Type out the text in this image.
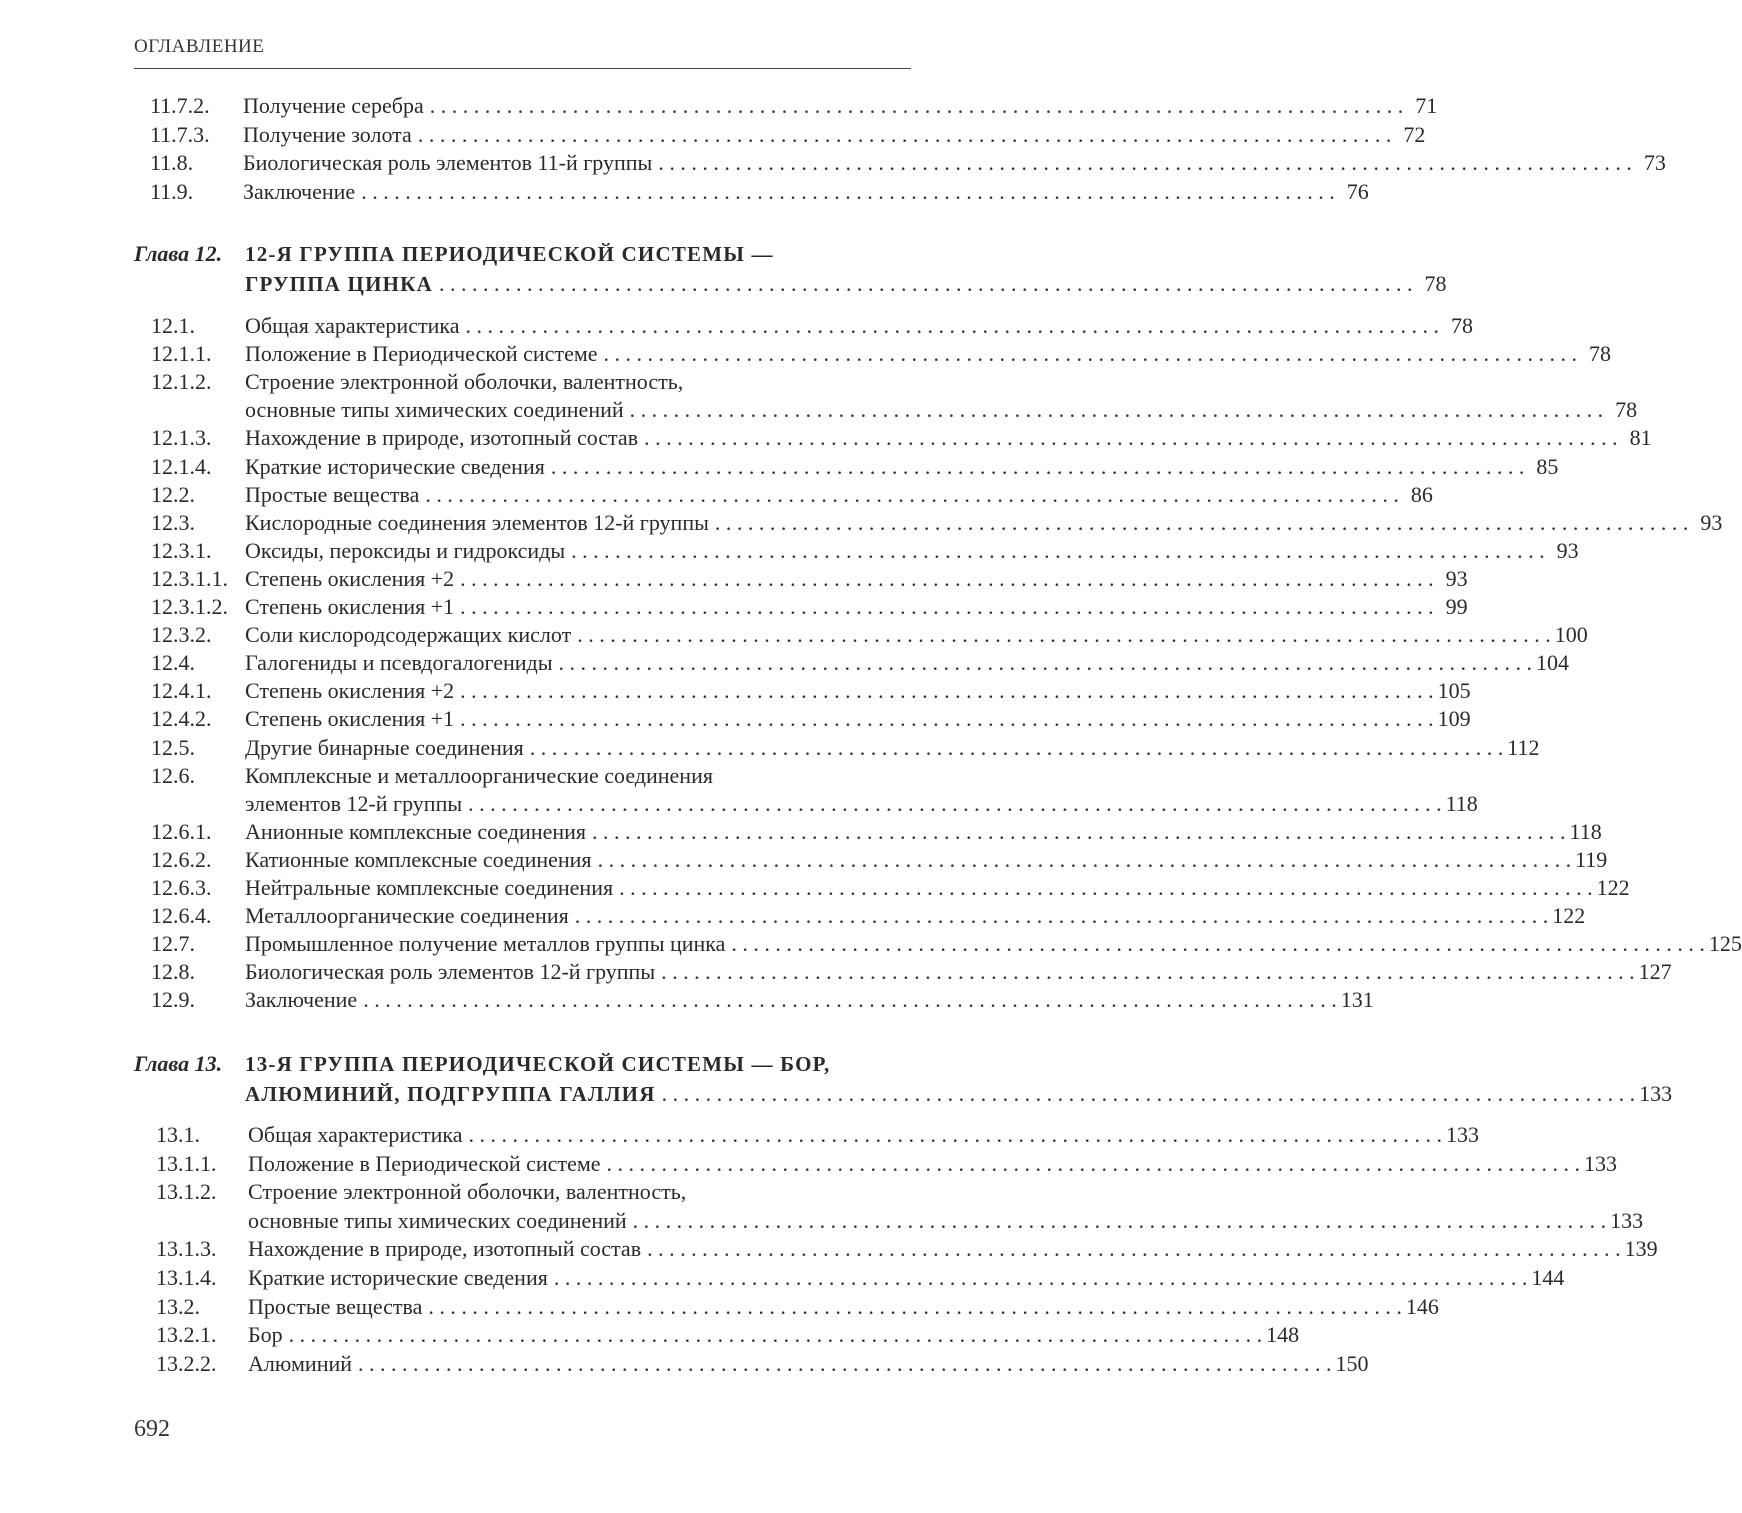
ОГЛАВЛЕНИЕ
11.7.2. Получение серебра . . . . . . . . . . . . . . . . . . . . . . . . . . . . . . . . . . . . . . . . . . . . . . . . . . . . . . . . . . . . . . . . . . . . . . . . . . . . . . . . . . . . . . . . . 71
11.7.3. Получение золота . . . . . . . . . . . . . . . . . . . . . . . . . . . . . . . . . . . . . . . . . . . . . . . . . . . . . . . . . . . . . . . . . . . . . . . . . . . . . . . . . . . . . . . . . 72
11.8. Биологическая роль элементов 11-й группы . . . . . . . . . . . . . . . . . . . . . . . . . . . . . . . . . . . . . . . . . . . . . . . . . . . . . . . . . . . . . . . . . . . . . . . . . . . . . . . . . . . . . . . . . 73
11.9. Заключение . . . . . . . . . . . . . . . . . . . . . . . . . . . . . . . . . . . . . . . . . . . . . . . . . . . . . . . . . . . . . . . . . . . . . . . . . . . . . . . . . . . . . . . . . 76
Глава 12. 12-Я ГРУППА ПЕРИОДИЧЕСКОЙ СИСТЕМЫ —
ГРУППА ЦИНКА . . . . . . . . . . . . . . . . . . . . . . . . . . . . . . . . . . . . . . . . . . . . . . . . . . . . . . . . . . . . . . . . . . . . . . . . . . . . . . . . . . . . . . . . . 78
12.1. Общая характеристика . . . . . . . . . . . . . . . . . . . . . . . . . . . . . . . . . . . . . . . . . . . . . . . . . . . . . . . . . . . . . . . . . . . . . . . . . . . . . . . . . . . . . . . . . 78
12.1.1. Положение в Периодической системе . . . . . . . . . . . . . . . . . . . . . . . . . . . . . . . . . . . . . . . . . . . . . . . . . . . . . . . . . . . . . . . . . . . . . . . . . . . . . . . . . . . . . . . . . 78
12.1.2. Строение электронной оболочки, валентность,
основные типы химических соединений . . . . . . . . . . . . . . . . . . . . . . . . . . . . . . . . . . . . . . . . . . . . . . . . . . . . . . . . . . . . . . . . . . . . . . . . . . . . . . . . . . . . . . . . . 78
12.1.3. Нахождение в природе, изотопный состав . . . . . . . . . . . . . . . . . . . . . . . . . . . . . . . . . . . . . . . . . . . . . . . . . . . . . . . . . . . . . . . . . . . . . . . . . . . . . . . . . . . . . . . . . 81
12.1.4. Краткие исторические сведения . . . . . . . . . . . . . . . . . . . . . . . . . . . . . . . . . . . . . . . . . . . . . . . . . . . . . . . . . . . . . . . . . . . . . . . . . . . . . . . . . . . . . . . . . 85
12.2. Простые вещества . . . . . . . . . . . . . . . . . . . . . . . . . . . . . . . . . . . . . . . . . . . . . . . . . . . . . . . . . . . . . . . . . . . . . . . . . . . . . . . . . . . . . . . . . 86
12.3. Кислородные соединения элементов 12-й группы . . . . . . . . . . . . . . . . . . . . . . . . . . . . . . . . . . . . . . . . . . . . . . . . . . . . . . . . . . . . . . . . . . . . . . . . . . . . . . . . . . . . . . . . . 93
12.3.1. Оксиды, пероксиды и гидроксиды . . . . . . . . . . . . . . . . . . . . . . . . . . . . . . . . . . . . . . . . . . . . . . . . . . . . . . . . . . . . . . . . . . . . . . . . . . . . . . . . . . . . . . . . . 93
12.3.1.1. Степень окисления +2 . . . . . . . . . . . . . . . . . . . . . . . . . . . . . . . . . . . . . . . . . . . . . . . . . . . . . . . . . . . . . . . . . . . . . . . . . . . . . . . . . . . . . . . . . 93
12.3.1.2. Степень окисления +1 . . . . . . . . . . . . . . . . . . . . . . . . . . . . . . . . . . . . . . . . . . . . . . . . . . . . . . . . . . . . . . . . . . . . . . . . . . . . . . . . . . . . . . . . . 99
12.3.2. Соли кислородсодержащих кислот . . . . . . . . . . . . . . . . . . . . . . . . . . . . . . . . . . . . . . . . . . . . . . . . . . . . . . . . . . . . . . . . . . . . . . . . . . . . . . . . . . . . . . . . . 100
12.4. Галогениды и псевдогалогениды . . . . . . . . . . . . . . . . . . . . . . . . . . . . . . . . . . . . . . . . . . . . . . . . . . . . . . . . . . . . . . . . . . . . . . . . . . . . . . . . . . . . . . . . . 104
12.4.1. Степень окисления +2 . . . . . . . . . . . . . . . . . . . . . . . . . . . . . . . . . . . . . . . . . . . . . . . . . . . . . . . . . . . . . . . . . . . . . . . . . . . . . . . . . . . . . . . . . 105
12.4.2. Степень окисления +1 . . . . . . . . . . . . . . . . . . . . . . . . . . . . . . . . . . . . . . . . . . . . . . . . . . . . . . . . . . . . . . . . . . . . . . . . . . . . . . . . . . . . . . . . . 109
12.5. Другие бинарные соединения . . . . . . . . . . . . . . . . . . . . . . . . . . . . . . . . . . . . . . . . . . . . . . . . . . . . . . . . . . . . . . . . . . . . . . . . . . . . . . . . . . . . . . . . . 112
12.6. Комплексные и металлоорганические соединения
элементов 12-й группы . . . . . . . . . . . . . . . . . . . . . . . . . . . . . . . . . . . . . . . . . . . . . . . . . . . . . . . . . . . . . . . . . . . . . . . . . . . . . . . . . . . . . . . . . 118
12.6.1. Анионные комплексные соединения . . . . . . . . . . . . . . . . . . . . . . . . . . . . . . . . . . . . . . . . . . . . . . . . . . . . . . . . . . . . . . . . . . . . . . . . . . . . . . . . . . . . . . . . . 118
12.6.2. Катионные комплексные соединения . . . . . . . . . . . . . . . . . . . . . . . . . . . . . . . . . . . . . . . . . . . . . . . . . . . . . . . . . . . . . . . . . . . . . . . . . . . . . . . . . . . . . . . . . 119
12.6.3. Нейтральные комплексные соединения . . . . . . . . . . . . . . . . . . . . . . . . . . . . . . . . . . . . . . . . . . . . . . . . . . . . . . . . . . . . . . . . . . . . . . . . . . . . . . . . . . . . . . . . . 122
12.6.4. Металлоорганические соединения . . . . . . . . . . . . . . . . . . . . . . . . . . . . . . . . . . . . . . . . . . . . . . . . . . . . . . . . . . . . . . . . . . . . . . . . . . . . . . . . . . . . . . . . . 122
12.7. Промышленное получение металлов группы цинка . . . . . . . . . . . . . . . . . . . . . . . . . . . . . . . . . . . . . . . . . . . . . . . . . . . . . . . . . . . . . . . . . . . . . . . . . . . . . . . . . . . . . . . . . 125
12.8. Биологическая роль элементов 12-й группы . . . . . . . . . . . . . . . . . . . . . . . . . . . . . . . . . . . . . . . . . . . . . . . . . . . . . . . . . . . . . . . . . . . . . . . . . . . . . . . . . . . . . . . . . 127
12.9. Заключение . . . . . . . . . . . . . . . . . . . . . . . . . . . . . . . . . . . . . . . . . . . . . . . . . . . . . . . . . . . . . . . . . . . . . . . . . . . . . . . . . . . . . . . . . 131
Глава 13. 13-Я ГРУППА ПЕРИОДИЧЕСКОЙ СИСТЕМЫ — БОР,
АЛЮМИНИЙ, ПОДГРУППА ГАЛЛИЯ . . . . . . . . . . . . . . . . . . . . . . . . . . . . . . . . . . . . . . . . . . . . . . . . . . . . . . . . . . . . . . . . . . . . . . . . . . . . . . . . . . . . . . . . . 133
13.1. Общая характеристика . . . . . . . . . . . . . . . . . . . . . . . . . . . . . . . . . . . . . . . . . . . . . . . . . . . . . . . . . . . . . . . . . . . . . . . . . . . . . . . . . . . . . . . . . 133
13.1.1. Положение в Периодической системе . . . . . . . . . . . . . . . . . . . . . . . . . . . . . . . . . . . . . . . . . . . . . . . . . . . . . . . . . . . . . . . . . . . . . . . . . . . . . . . . . . . . . . . . . 133
13.1.2. Строение электронной оболочки, валентность,
основные типы химических соединений . . . . . . . . . . . . . . . . . . . . . . . . . . . . . . . . . . . . . . . . . . . . . . . . . . . . . . . . . . . . . . . . . . . . . . . . . . . . . . . . . . . . . . . . . 133
13.1.3. Нахождение в природе, изотопный состав . . . . . . . . . . . . . . . . . . . . . . . . . . . . . . . . . . . . . . . . . . . . . . . . . . . . . . . . . . . . . . . . . . . . . . . . . . . . . . . . . . . . . . . . . 139
13.1.4. Краткие исторические сведения . . . . . . . . . . . . . . . . . . . . . . . . . . . . . . . . . . . . . . . . . . . . . . . . . . . . . . . . . . . . . . . . . . . . . . . . . . . . . . . . . . . . . . . . . 144
13.2. Простые вещества . . . . . . . . . . . . . . . . . . . . . . . . . . . . . . . . . . . . . . . . . . . . . . . . . . . . . . . . . . . . . . . . . . . . . . . . . . . . . . . . . . . . . . . . . 146
13.2.1. Бор . . . . . . . . . . . . . . . . . . . . . . . . . . . . . . . . . . . . . . . . . . . . . . . . . . . . . . . . . . . . . . . . . . . . . . . . . . . . . . . . . . . . . . . . . 148
13.2.2. Алюминий . . . . . . . . . . . . . . . . . . . . . . . . . . . . . . . . . . . . . . . . . . . . . . . . . . . . . . . . . . . . . . . . . . . . . . . . . . . . . . . . . . . . . . . . . 150
692
